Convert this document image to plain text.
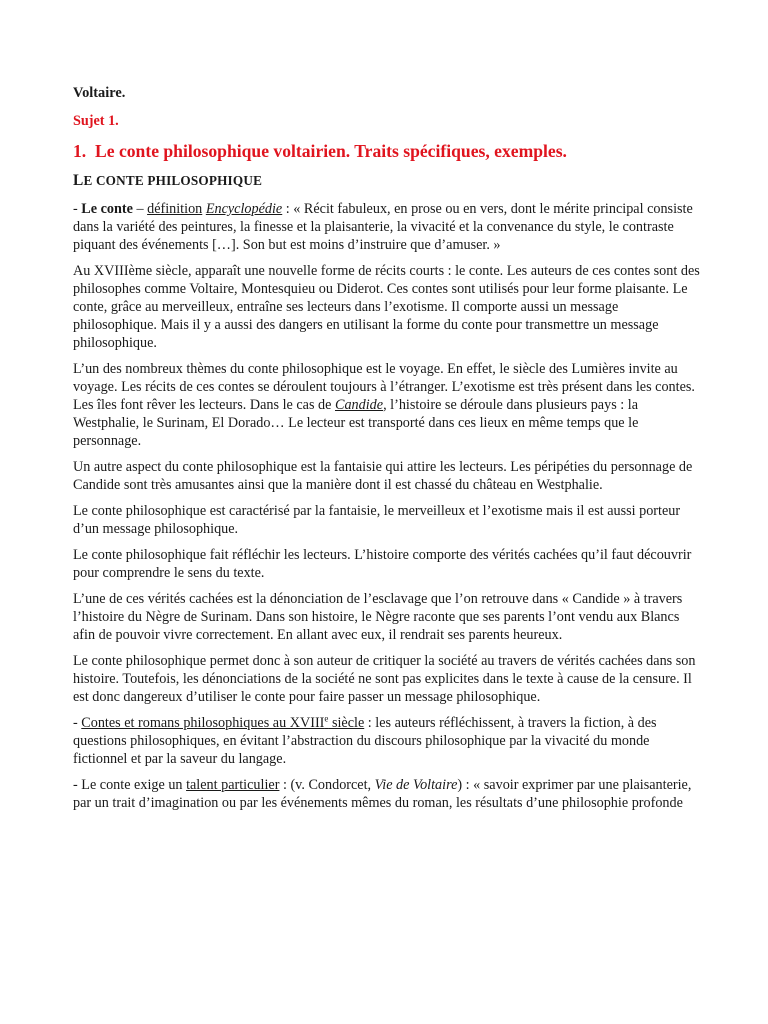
Voltaire.

Sujet 1.

1. Le conte philosophique voltairien. Traits spécifiques, exemples.

LE CONTE PHILOSOPHIQUE

- Le conte – définition Encyclopédie : « Récit fabuleux, en prose ou en vers, dont le mérite principal consiste dans la variété des peintures, la finesse et la plaisanterie, la vivacité et la convenance du style, le contraste piquant des événements […]. Son but est moins d’instruire que d’amuser. »

Au XVIIIème siècle, apparaît une nouvelle forme de récits courts : le conte. Les auteurs de ces contes sont des philosophes comme Voltaire, Montesquieu ou Diderot. Ces contes sont utilisés pour leur forme plaisante. Le conte, grâce au merveilleux, entraîne ses lecteurs dans l’exotisme. Il comporte aussi un message philosophique. Mais il y a aussi des dangers en utilisant la forme du conte pour transmettre un message philosophique.

L’un des nombreux thèmes du conte philosophique est le voyage. En effet, le siècle des Lumières invite au voyage. Les récits de ces contes se déroulent toujours à l’étranger. L’exotisme est très présent dans les contes. Les îles font rêver les lecteurs. Dans le cas de Candide, l’histoire se déroule dans plusieurs pays : la Westphalie, le Surinam, El Dorado… Le lecteur est transporté dans ces lieux en même temps que le personnage.

Un autre aspect du conte philosophique est la fantaisie qui attire les lecteurs. Les péripéties du personnage de Candide sont très amusantes ainsi que la manière dont il est chassé du château en Westphalie.

Le conte philosophique est caractérisé par la fantaisie, le merveilleux et l’exotisme mais il est aussi porteur d’un message philosophique.

Le conte philosophique fait réfléchir les lecteurs. L’histoire comporte des vérités cachées qu’il faut découvrir pour comprendre le sens du texte.

L’une de ces vérités cachées est la dénonciation de l’esclavage que l’on retrouve dans « Candide » à travers l’histoire du Nègre de Surinam. Dans son histoire, le Nègre raconte que ses parents l’ont vendu aux Blancs afin de pouvoir vivre correctement. En allant avec eux, il rendrait ses parents heureux.

Le conte philosophique permet donc à son auteur de critiquer la société au travers de vérités cachées dans son histoire. Toutefois, les dénonciations de la société ne sont pas explicites dans le texte à cause de la censure. Il est donc dangereux d’utiliser le conte pour faire passer un message philosophique.

- Contes et romans philosophiques au XVIIIe siècle : les auteurs réfléchissent, à travers la fiction, à des questions philosophiques, en évitant l’abstraction du discours philosophique par la vivacité du monde fictionnel et par la saveur du langage.

- Le conte exige un talent particulier : (v. Condorcet, Vie de Voltaire) : « savoir exprimer par une plaisanterie, par un trait d’imagination ou par les événements mêmes du roman, les résultats d’une philosophie profonde
